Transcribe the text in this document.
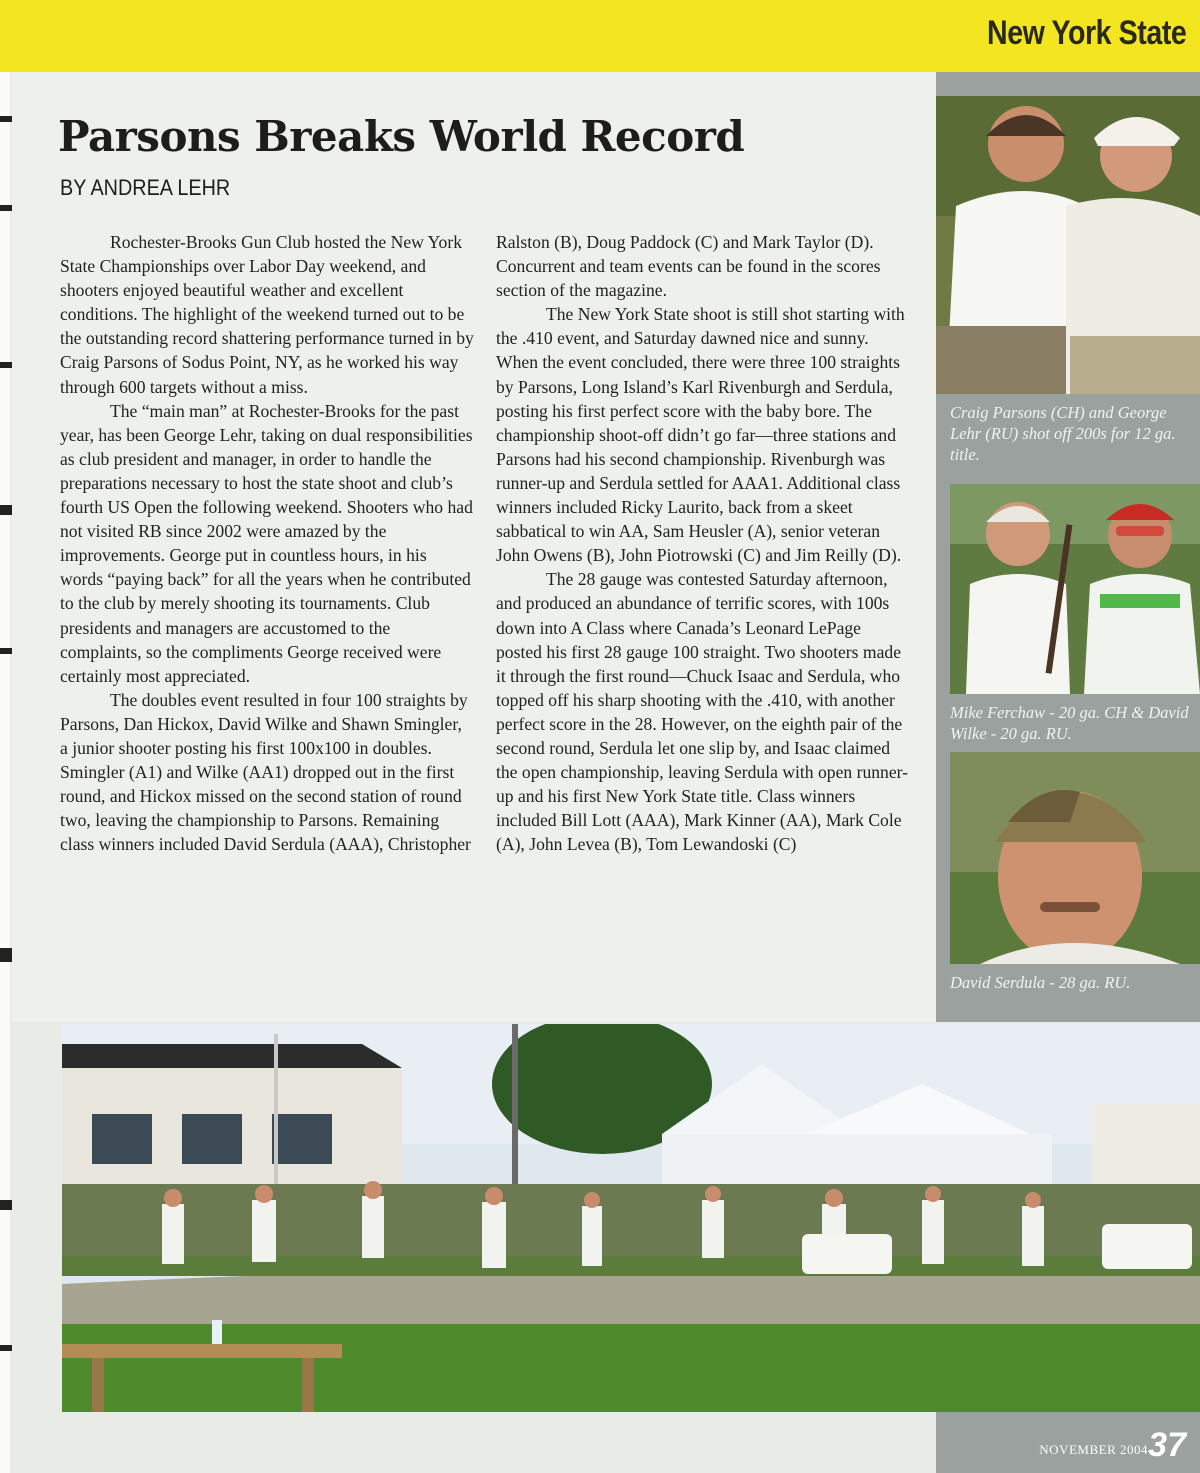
New York State
Parsons Breaks World Record
BY ANDREA LEHR

Rochester-Brooks Gun Club hosted the New York State Championships over Labor Day weekend, and shooters enjoyed beautiful weather and excellent conditions. The highlight of the weekend turned out to be the outstanding record shattering performance turned in by Craig Parsons of Sodus Point, NY, as he worked his way through 600 targets without a miss.

The “main man” at Rochester-Brooks for the past year, has been George Lehr, taking on dual responsibilities as club president and manager, in order to handle the preparations necessary to host the state shoot and club’s fourth US Open the following weekend. Shooters who had not visited RB since 2002 were amazed by the improvements. George put in countless hours, in his words “paying back” for all the years when he contributed to the club by merely shooting its tournaments. Club presidents and managers are accustomed to the complaints, so the compliments George received were certainly most appreciated.

The doubles event resulted in four 100 straights by Parsons, Dan Hickox, David Wilke and Shawn Smingler, a junior shooter posting his first 100x100 in doubles. Smingler (A1) and Wilke (AA1) dropped out in the first round, and Hickox missed on the second station of round two, leaving the championship to Parsons. Remaining class winners included David Serdula (AAA), Christopher

Ralston (B), Doug Paddock (C) and Mark Taylor (D). Concurrent and team events can be found in the scores section of the magazine.

The New York State shoot is still shot starting with the .410 event, and Saturday dawned nice and sunny. When the event concluded, there were three 100 straights by Parsons, Long Island’s Karl Rivenburgh and Serdula, posting his first perfect score with the baby bore. The championship shoot-off didn’t go far—three stations and Parsons had his second championship. Rivenburgh was runner-up and Serdula settled for AAA1. Additional class winners included Ricky Laurito, back from a skeet sabbatical to win AA, Sam Heusler (A), senior veteran John Owens (B), John Piotrowski (C) and Jim Reilly (D).

The 28 gauge was contested Saturday afternoon, and produced an abundance of terrific scores, with 100s down into A Class where Canada’s Leonard LePage posted his first 28 gauge 100 straight. Two shooters made it through the first round—Chuck Isaac and Serdula, who topped off his sharp shooting with the .410, with another perfect score in the 28. However, on the eighth pair of the second round, Serdula let one slip by, and Isaac claimed the open championship, leaving Serdula with open runner-up and his first New York State title. Class winners included Bill Lott (AAA), Mark Kinner (AA), Mark Cole (A), John Levea (B), Tom Lewandoski (C)

Craig Parsons (CH) and George Lehr (RU) shot off 200s for 12 ga. title.
Mike Ferchaw - 20 ga. CH & David Wilke - 20 ga. RU.
David Serdula - 28 ga. RU.
NOVEMBER 2004 37
